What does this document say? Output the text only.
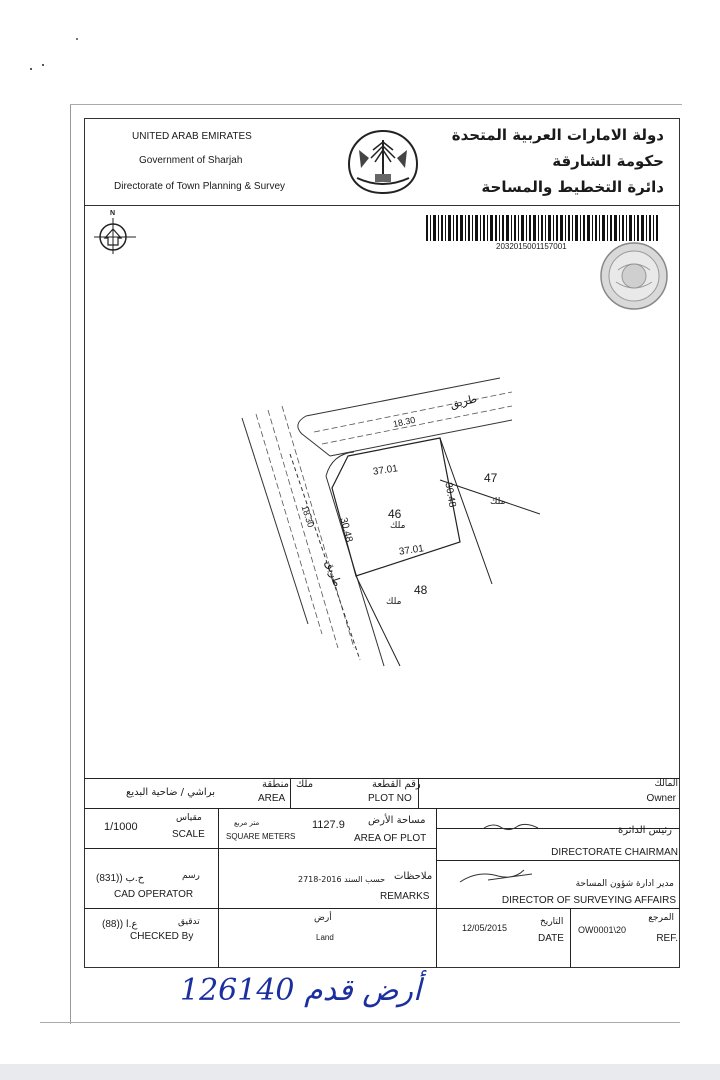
UNITED ARAB EMIRATES
Government of Sharjah
Directorate of Town Planning & Survey
دولة الامارات العربية المتحدة
حكومة الشارقة
دائرة التخطيط والمساحة
2032015001157001
N
طريق
18.30
طريق
18.30
37.01
37.01
30.48
30.48
46
ملك
47
ملك
48
ملك
المالك
Owner
رقم القطعة
PLOT NO
ملك
منطقة
AREA
براشي / ضاحية البديع
1/1000
مقياس
SCALE
متر مربع
SQUARE METERS
1127.9 مساحة الأرض
AREA OF PLOT
رئيس الدائرة
DIRECTORATE CHAIRMAN
ح.ب ((831)	رسم
CAD OPERATOR
حسب السند 2016-2718 ملاحظات
REMARKS
مدير ادارة شؤون المساحة
DIRECTOR OF SURVEYING AFFAIRS
ع.ا ((88)	تدقيق
CHECKED By
أرض
Land
12/05/2015
التاريخ
DATE
OW0001\20
المرجع
REF.
أرض قدم 126140
